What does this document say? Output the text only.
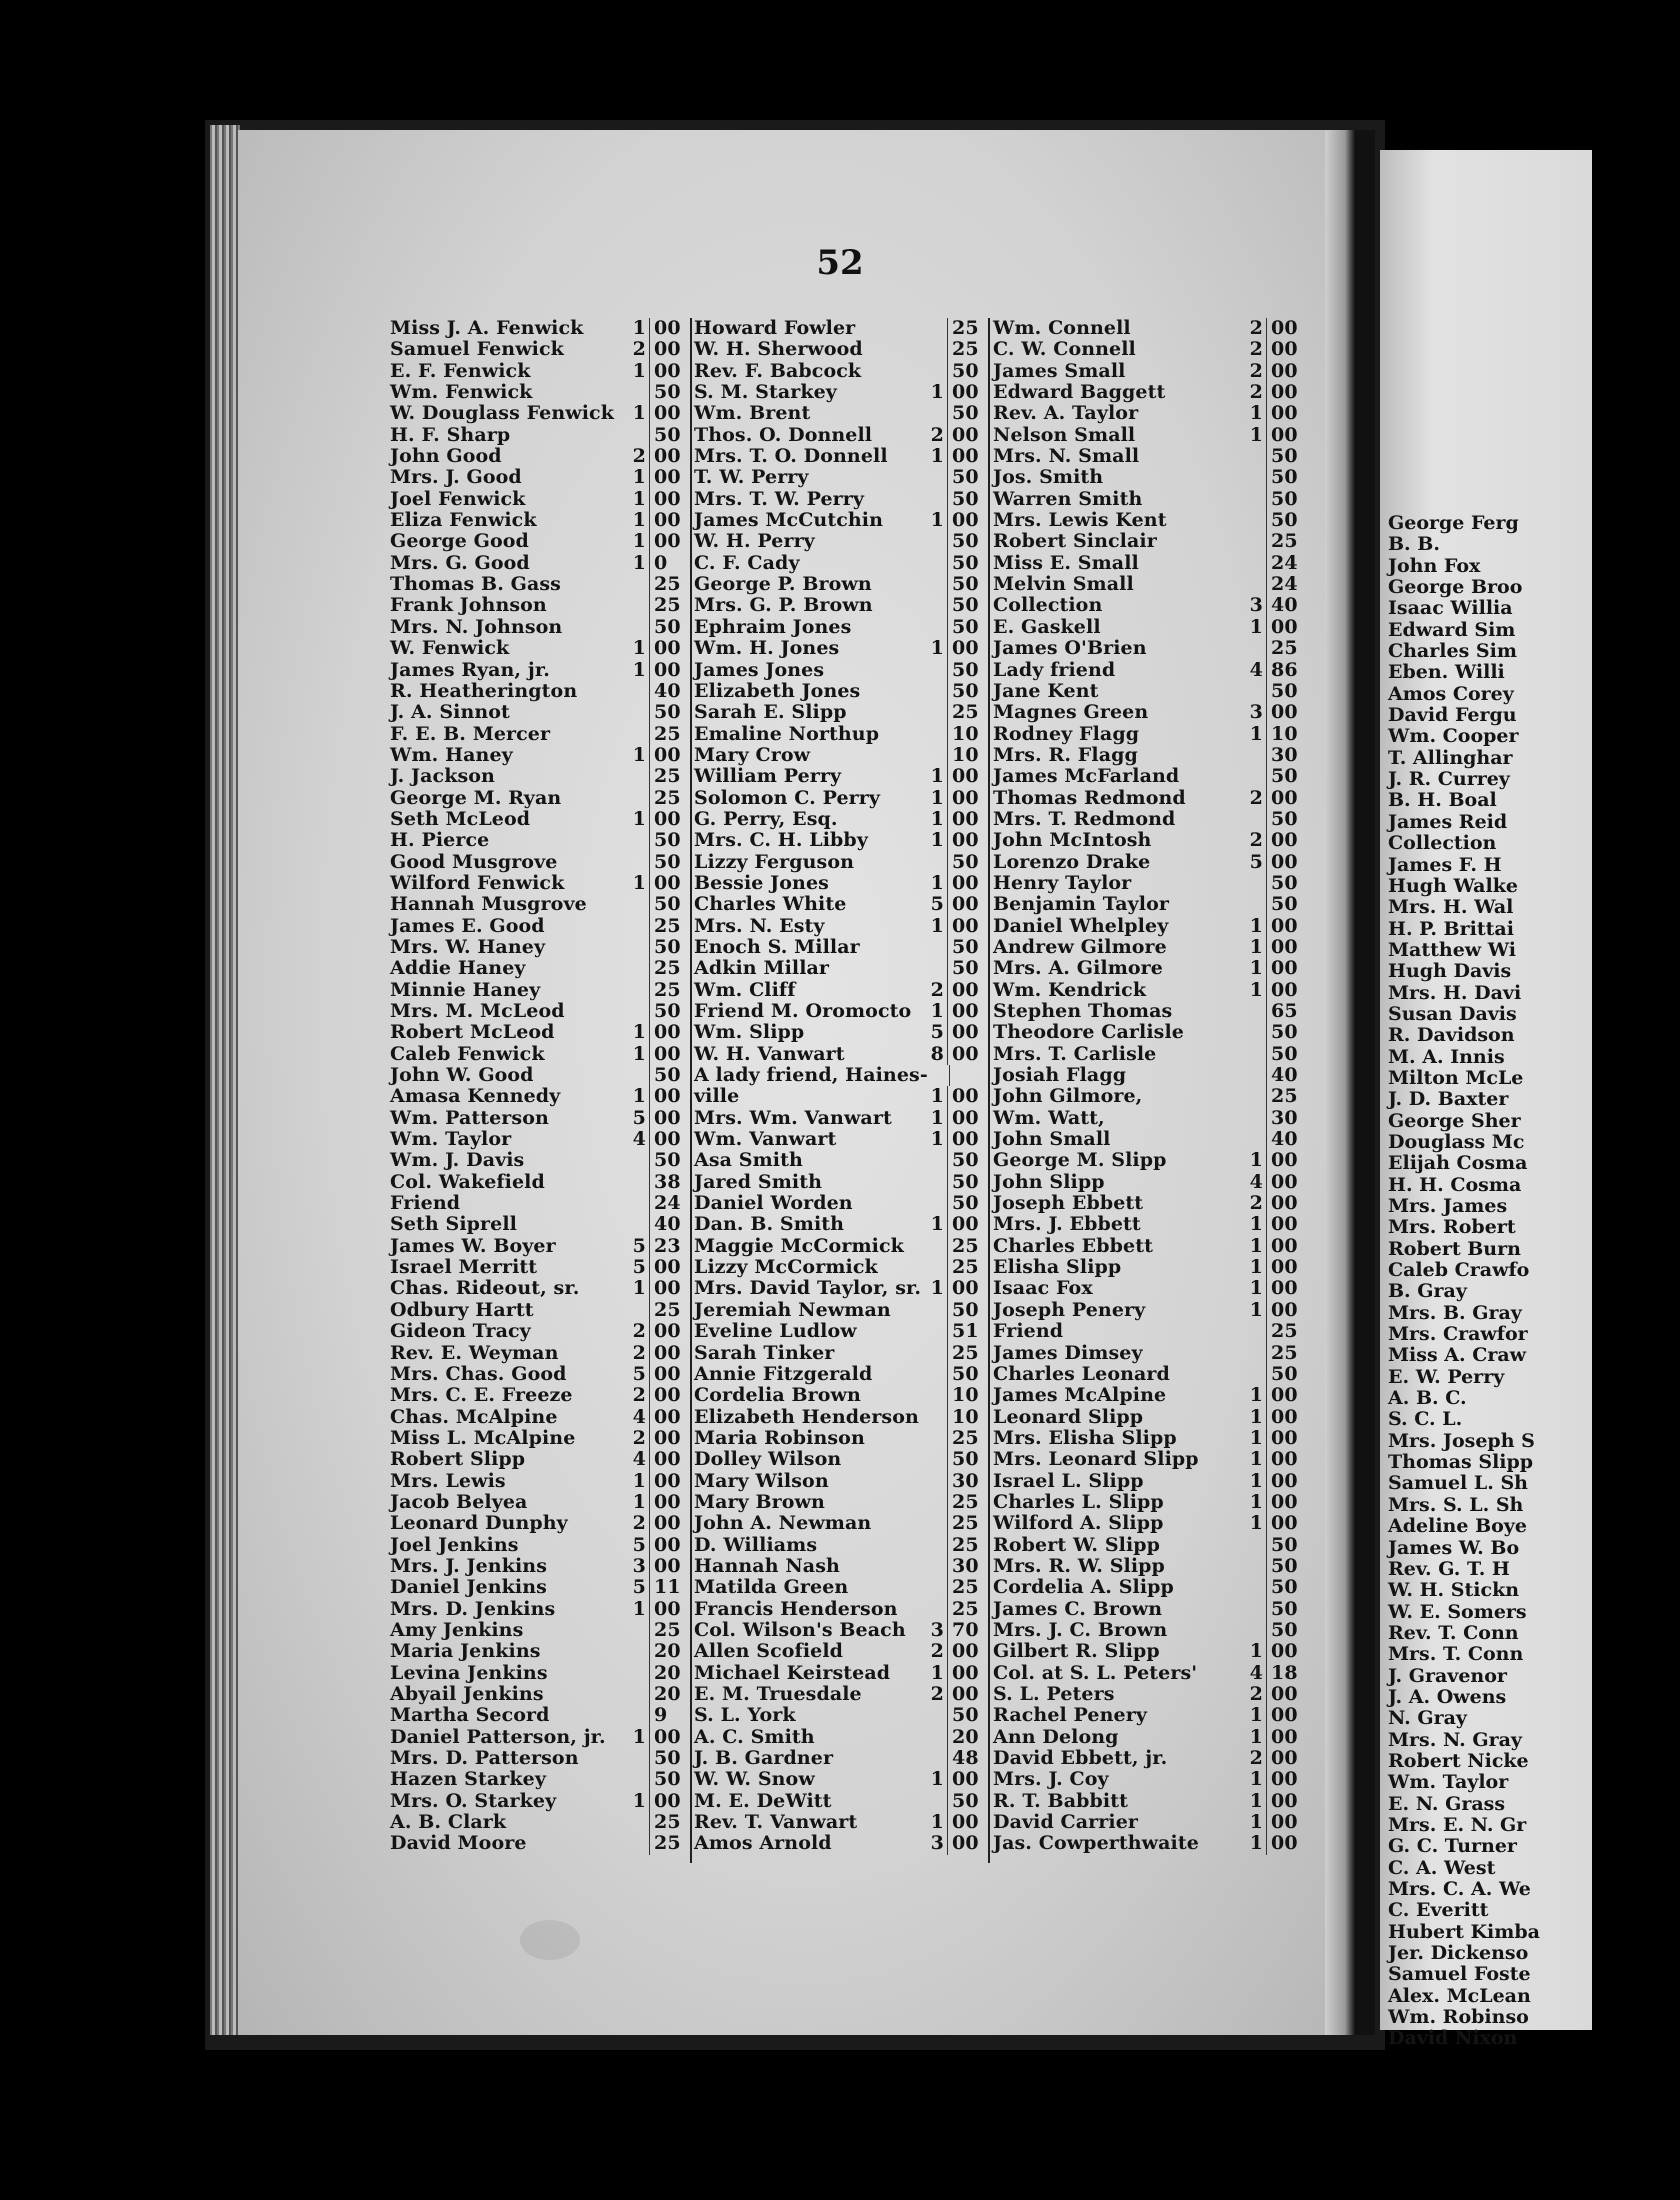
George Ferg
B. B.
John Fox
George Broo
Isaac Willia
Edward Sim
Charles Sim
Eben. Willi
Amos Corey
David Fergu
Wm. Cooper
T. Allinghar
J. R. Currey
B. H. Boal
James Reid
Collection
James F. H
Hugh Walke
Mrs. H. Wal
H. P. Brittai
Matthew Wi
Hugh Davis
Mrs. H. Davi
Susan Davis
R. Davidson
M. A. Innis
Milton McLe
J. D. Baxter
George Sher
Douglass Mc
Elijah Cosma
H. H. Cosma
Mrs. James
Mrs. Robert
Robert Burn
Caleb Crawfo
B. Gray
Mrs. B. Gray
Mrs. Crawfor
Miss A. Craw
E. W. Perry
A. B. C.
S. C. L.
Mrs. Joseph S
Thomas Slipp
Samuel L. Sh
Mrs. S. L. Sh
Adeline Boye
James W. Bo
Rev. G. T. H
W. H. Stickn
W. E. Somers
Rev. T. Conn
Mrs. T. Conn
J. Gravenor
J. A. Owens
N. Gray
Mrs. N. Gray
Robert Nicke
Wm. Taylor
E. N. Grass
Mrs. E. N. Gr
G. C. Turner
C. A. West
Mrs. C. A. We
C. Everitt
Hubert Kimba
Jer. Dickenso
Samuel Foste
Alex. McLean
Wm. Robinso
David Nixon
52
Miss J. A. Fenwick	1 00
Samuel Fenwick	2 00
E. F. Fenwick	1 00
Wm. Fenwick	50
W. Douglass Fenwick 1 00
H. F. Sharp	50
John Good	2 00
Mrs. J. Good	1 00
Joel Fenwick	1 00
Eliza Fenwick	1 00
George Good	1 00
Mrs. G. Good	1 0
Thomas B. Gass	25
Frank Johnson	25
Mrs. N. Johnson	50
W. Fenwick	1 00
James Ryan, jr.	1 00
R. Heatherington	40
J. A. Sinnot	50
F. E. B. Mercer	25
Wm. Haney	1 00
J. Jackson	25
George M. Ryan	25
Seth McLeod	1 00
H. Pierce	50
Good Musgrove	50
Wilford Fenwick	1 00
Hannah Musgrove	50
James E. Good	25
Mrs. W. Haney	50
Addie Haney	25
Minnie Haney	25
Mrs. M. McLeod	50
Robert McLeod	1 00
Caleb Fenwick	1 00
John W. Good	50
Amasa Kennedy	1 00
Wm. Patterson	5 00
Wm. Taylor	4 00
Wm. J. Davis	50
Col. Wakefield	38
Friend	24
Seth Siprell	40
James W. Boyer	5 23
Israel Merritt	5 00
Chas. Rideout, sr.	1 00
Odbury Hartt	25
Gideon Tracy	2 00
Rev. E. Weyman	2 00
Mrs. Chas. Good	5 00
Mrs. C. E. Freeze	2 00
Chas. McAlpine	4 00
Miss L. McAlpine	2 00
Robert Slipp	4 00
Mrs. Lewis	1 00
Jacob Belyea	1 00
Leonard Dunphy	2 00
Joel Jenkins	5 00
Mrs. J. Jenkins	3 00
Daniel Jenkins	5 11
Mrs. D. Jenkins	1 00
Amy Jenkins	25
Maria Jenkins	20
Levina Jenkins	20
Abyail Jenkins	20
Martha Secord	9
Daniel Patterson, jr.	1 00
Mrs. D. Patterson	50
Hazen Starkey	50
Mrs. O. Starkey	1 00
A. B. Clark	25
David Moore	25
Howard Fowler	25
W. H. Sherwood	25
Rev. F. Babcock	50
S. M. Starkey	1 00
Wm. Brent	50
Thos. O. Donnell	2 00
Mrs. T. O. Donnell	1 00
T. W. Perry	50
Mrs. T. W. Perry	50
James McCutchin	1 00
W. H. Perry	50
C. F. Cady	50
George P. Brown	50
Mrs. G. P. Brown	50
Ephraim Jones	50
Wm. H. Jones	1 00
James Jones	50
Elizabeth Jones	50
Sarah E. Slipp	25
Emaline Northup	10
Mary Crow	10
William Perry	1 00
Solomon C. Perry	1 00
G. Perry, Esq.	1 00
Mrs. C. H. Libby	1 00
Lizzy Ferguson	50
Bessie Jones	1 00
Charles White	5 00
Mrs. N. Esty	1 00
Enoch S. Millar	50
Adkin Millar	50
Wm. Cliff	2 00
Friend M. Oromocto	1 00
Wm. Slipp	5 00
W. H. Vanwart	8 00
A lady friend, Haines-
ville	1 00
Mrs. Wm. Vanwart	1 00
Wm. Vanwart	1 00
Asa Smith	50
Jared Smith	50
Daniel Worden	50
Dan. B. Smith	1 00
Maggie McCormick	25
Lizzy McCormick	25
Mrs. David Taylor, sr. 1 00
Jeremiah Newman	50
Eveline Ludlow	51
Sarah Tinker	25
Annie Fitzgerald	50
Cordelia Brown	10
Elizabeth Henderson 10
Maria Robinson	25
Dolley Wilson	50
Mary Wilson	30
Mary Brown	25
John A. Newman	25
D. Williams	25
Hannah Nash	30
Matilda Green	25
Francis Henderson	25
Col. Wilson's Beach	3 70
Allen Scofield	2 00
Michael Keirstead	1 00
E. M. Truesdale	2 00
S. L. York	50
A. C. Smith	20
J. B. Gardner	48
W. W. Snow	1 00
M. E. DeWitt	50
Rev. T. Vanwart	1 00
Amos Arnold	3 00
Wm. Connell	2 00
C. W. Connell	2 00
James Small	2 00
Edward Baggett	2 00
Rev. A. Taylor	1 00
Nelson Small	1 00
Mrs. N. Small	50
Jos. Smith	50
Warren Smith	50
Mrs. Lewis Kent	50
Robert Sinclair	25
Miss E. Small	24
Melvin Small	24
Collection	3 40
E. Gaskell	1 00
James O'Brien	25
Lady friend	4 86
Jane Kent	50
Magnes Green	3 00
Rodney Flagg	1 10
Mrs. R. Flagg	30
James McFarland	50
Thomas Redmond	2 00
Mrs. T. Redmond	50
John McIntosh	2 00
Lorenzo Drake	5 00
Henry Taylor	50
Benjamin Taylor	50
Daniel Whelpley	1 00
Andrew Gilmore	1 00
Mrs. A. Gilmore	1 00
Wm. Kendrick	1 00
Stephen Thomas	65
Theodore Carlisle	50
Mrs. T. Carlisle	50
Josiah Flagg	40
John Gilmore,	25
Wm. Watt,	30
John Small	40
George M. Slipp	1 00
John Slipp	4 00
Joseph Ebbett	2 00
Mrs. J. Ebbett	1 00
Charles Ebbett	1 00
Elisha Slipp	1 00
Isaac Fox	1 00
Joseph Penery	1 00
Friend	25
James Dimsey	25
Charles Leonard	50
James McAlpine	1 00
Leonard Slipp	1 00
Mrs. Elisha Slipp	1 00
Mrs. Leonard Slipp	1 00
Israel L. Slipp	1 00
Charles L. Slipp	1 00
Wilford A. Slipp	1 00
Robert W. Slipp	50
Mrs. R. W. Slipp	50
Cordelia A. Slipp	50
James C. Brown	50
Mrs. J. C. Brown	50
Gilbert R. Slipp	1 00
Col. at S. L. Peters'	4 18
S. L. Peters	2 00
Rachel Penery	1 00
Ann Delong	1 00
David Ebbett, jr.	2 00
Mrs. J. Coy	1 00
R. T. Babbitt	1 00
David Carrier	1 00
Jas. Cowperthwaite	1 00
